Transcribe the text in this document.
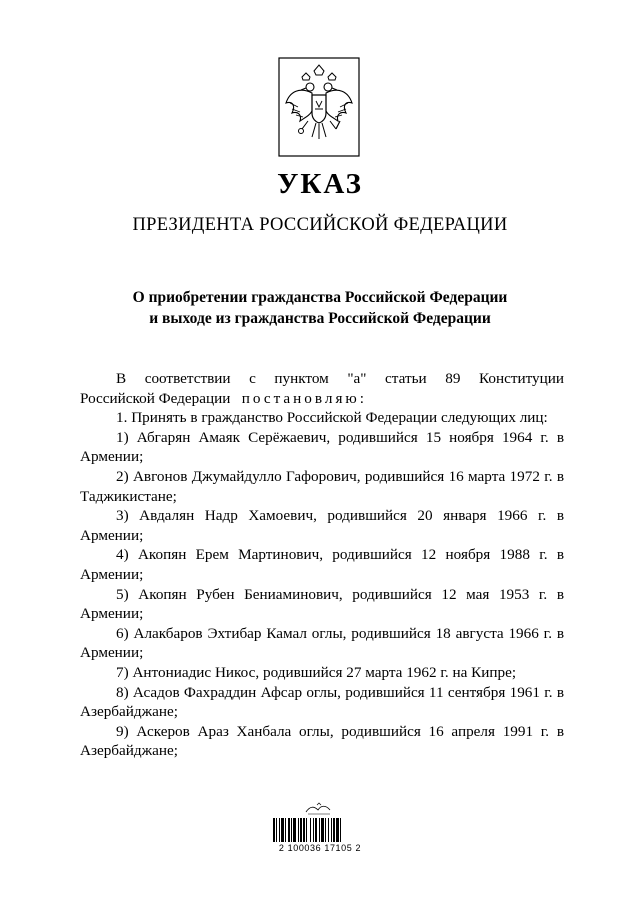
УКАЗ
ПРЕЗИДЕНТА РОССИЙСКОЙ ФЕДЕРАЦИИ
О приобретении гражданства Российской Федерации
и выходе из гражданства Российской Федерации

В соответствии с пунктом "а" статьи 89 Конституции

Российской Федерации постановляю:

1. Принять в гражданство Российской Федерации следующих лиц:

1) Абгарян Амаяк Серёжаевич, родившийся 15 ноября 1964 г. в Армении;

2) Авгонов Джумайдулло Гафорович, родившийся 16 марта 1972 г. в Таджикистане;

3) Авдалян Надр Хамоевич, родившийся 20 января 1966 г. в Армении;

4) Акопян Ерем Мартинович, родившийся 12 ноября 1988 г. в Армении;

5) Акопян Рубен Бениаминович, родившийся 12 мая 1953 г. в Армении;

6) Алакбаров Эхтибар Камал оглы, родившийся 18 августа 1966 г. в Армении;

7) Антониадис Никос, родившийся 27 марта 1962 г. на Кипре;

8) Асадов Фахраддин Афсар оглы, родившийся 11 сентября 1961 г. в Азербайджане;

9) Аскеров Араз Ханбала оглы, родившийся 16 апреля 1991 г. в Азербайджане;

2 100036 17105 2
